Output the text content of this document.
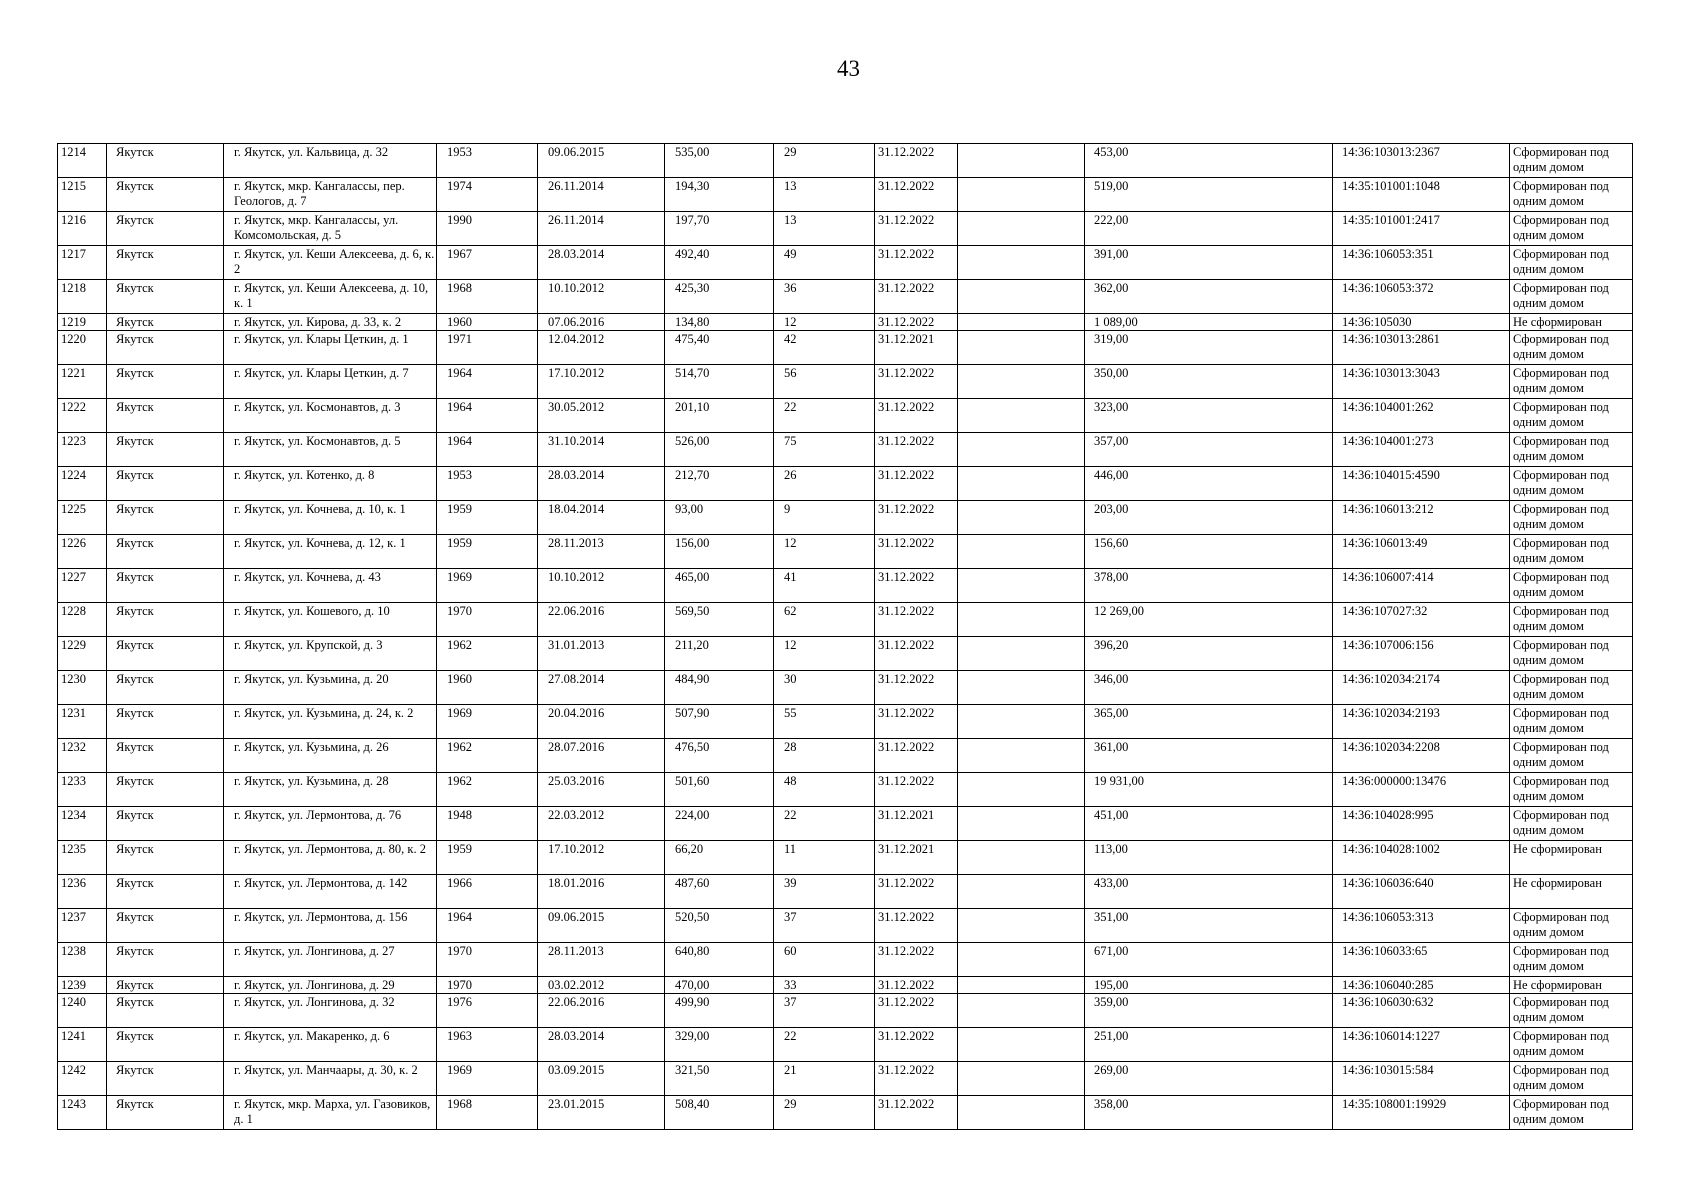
43
1214	Якутск	г. Якутск, ул. Кальвица, д. 32	1953	09.06.2015	535,00	29	31.12.2022		453,00	14:36:103013:2367	Сформирован под одним домом
1215	Якутск	г. Якутск, мкр. Кангалассы, пер. Геологов, д. 7	1974	26.11.2014	194,30	13	31.12.2022		519,00	14:35:101001:1048	Сформирован под одним домом
1216	Якутск	г. Якутск, мкр. Кангалассы, ул. Комсомольская, д. 5	1990	26.11.2014	197,70	13	31.12.2022		222,00	14:35:101001:2417	Сформирован под одним домом
1217	Якутск	г. Якутск, ул. Кеши Алексеева, д. 6, к. 2	1967	28.03.2014	492,40	49	31.12.2022		391,00	14:36:106053:351	Сформирован под одним домом
1218	Якутск	г. Якутск, ул. Кеши Алексеева, д. 10, к. 1	1968	10.10.2012	425,30	36	31.12.2022		362,00	14:36:106053:372	Сформирован под одним домом
1219	Якутск	г. Якутск, ул. Кирова, д. 33, к. 2	1960	07.06.2016	134,80	12	31.12.2022		1 089,00	14:36:105030	Не сформирован
1220	Якутск	г. Якутск, ул. Клары Цеткин, д. 1	1971	12.04.2012	475,40	42	31.12.2021		319,00	14:36:103013:2861	Сформирован под одним домом
1221	Якутск	г. Якутск, ул. Клары Цеткин, д. 7	1964	17.10.2012	514,70	56	31.12.2022		350,00	14:36:103013:3043	Сформирован под одним домом
1222	Якутск	г. Якутск, ул. Космонавтов, д. 3	1964	30.05.2012	201,10	22	31.12.2022		323,00	14:36:104001:262	Сформирован под одним домом
1223	Якутск	г. Якутск, ул. Космонавтов, д. 5	1964	31.10.2014	526,00	75	31.12.2022		357,00	14:36:104001:273	Сформирован под одним домом
1224	Якутск	г. Якутск, ул. Котенко, д. 8	1953	28.03.2014	212,70	26	31.12.2022		446,00	14:36:104015:4590	Сформирован под одним домом
1225	Якутск	г. Якутск, ул. Кочнева, д. 10, к. 1	1959	18.04.2014	93,00	9	31.12.2022		203,00	14:36:106013:212	Сформирован под одним домом
1226	Якутск	г. Якутск, ул. Кочнева, д. 12, к. 1	1959	28.11.2013	156,00	12	31.12.2022		156,60	14:36:106013:49	Сформирован под одним домом
1227	Якутск	г. Якутск, ул. Кочнева, д. 43	1969	10.10.2012	465,00	41	31.12.2022		378,00	14:36:106007:414	Сформирован под одним домом
1228	Якутск	г. Якутск, ул. Кошевого, д. 10	1970	22.06.2016	569,50	62	31.12.2022		12 269,00	14:36:107027:32	Сформирован под одним домом
1229	Якутск	г. Якутск, ул. Крупской, д. 3	1962	31.01.2013	211,20	12	31.12.2022		396,20	14:36:107006:156	Сформирован под одним домом
1230	Якутск	г. Якутск, ул. Кузьмина, д. 20	1960	27.08.2014	484,90	30	31.12.2022		346,00	14:36:102034:2174	Сформирован под одним домом
1231	Якутск	г. Якутск, ул. Кузьмина, д. 24, к. 2	1969	20.04.2016	507,90	55	31.12.2022		365,00	14:36:102034:2193	Сформирован под одним домом
1232	Якутск	г. Якутск, ул. Кузьмина, д. 26	1962	28.07.2016	476,50	28	31.12.2022		361,00	14:36:102034:2208	Сформирован под одним домом
1233	Якутск	г. Якутск, ул. Кузьмина, д. 28	1962	25.03.2016	501,60	48	31.12.2022		19 931,00	14:36:000000:13476	Сформирован под одним домом
1234	Якутск	г. Якутск, ул. Лермонтова, д. 76	1948	22.03.2012	224,00	22	31.12.2021		451,00	14:36:104028:995	Сформирован под одним домом
1235	Якутск	г. Якутск, ул. Лермонтова, д. 80, к. 2	1959	17.10.2012	66,20	11	31.12.2021		113,00	14:36:104028:1002	Не сформирован
1236	Якутск	г. Якутск, ул. Лермонтова, д. 142	1966	18.01.2016	487,60	39	31.12.2022		433,00	14:36:106036:640	Не сформирован
1237	Якутск	г. Якутск, ул. Лермонтова, д. 156	1964	09.06.2015	520,50	37	31.12.2022		351,00	14:36:106053:313	Сформирован под одним домом
1238	Якутск	г. Якутск, ул. Лонгинова, д. 27	1970	28.11.2013	640,80	60	31.12.2022		671,00	14:36:106033:65	Сформирован под одним домом
1239	Якутск	г. Якутск, ул. Лонгинова, д. 29	1970	03.02.2012	470,00	33	31.12.2022		195,00	14:36:106040:285	Не сформирован
1240	Якутск	г. Якутск, ул. Лонгинова, д. 32	1976	22.06.2016	499,90	37	31.12.2022		359,00	14:36:106030:632	Сформирован под одним домом
1241	Якутск	г. Якутск, ул. Макаренко, д. 6	1963	28.03.2014	329,00	22	31.12.2022		251,00	14:36:106014:1227	Сформирован под одним домом
1242	Якутск	г. Якутск, ул. Манчаары, д. 30, к. 2	1969	03.09.2015	321,50	21	31.12.2022		269,00	14:36:103015:584	Сформирован под одним домом
1243	Якутск	г. Якутск, мкр. Марха, ул. Газовиков, д. 1	1968	23.01.2015	508,40	29	31.12.2022		358,00	14:35:108001:19929	Сформирован под одним домом
